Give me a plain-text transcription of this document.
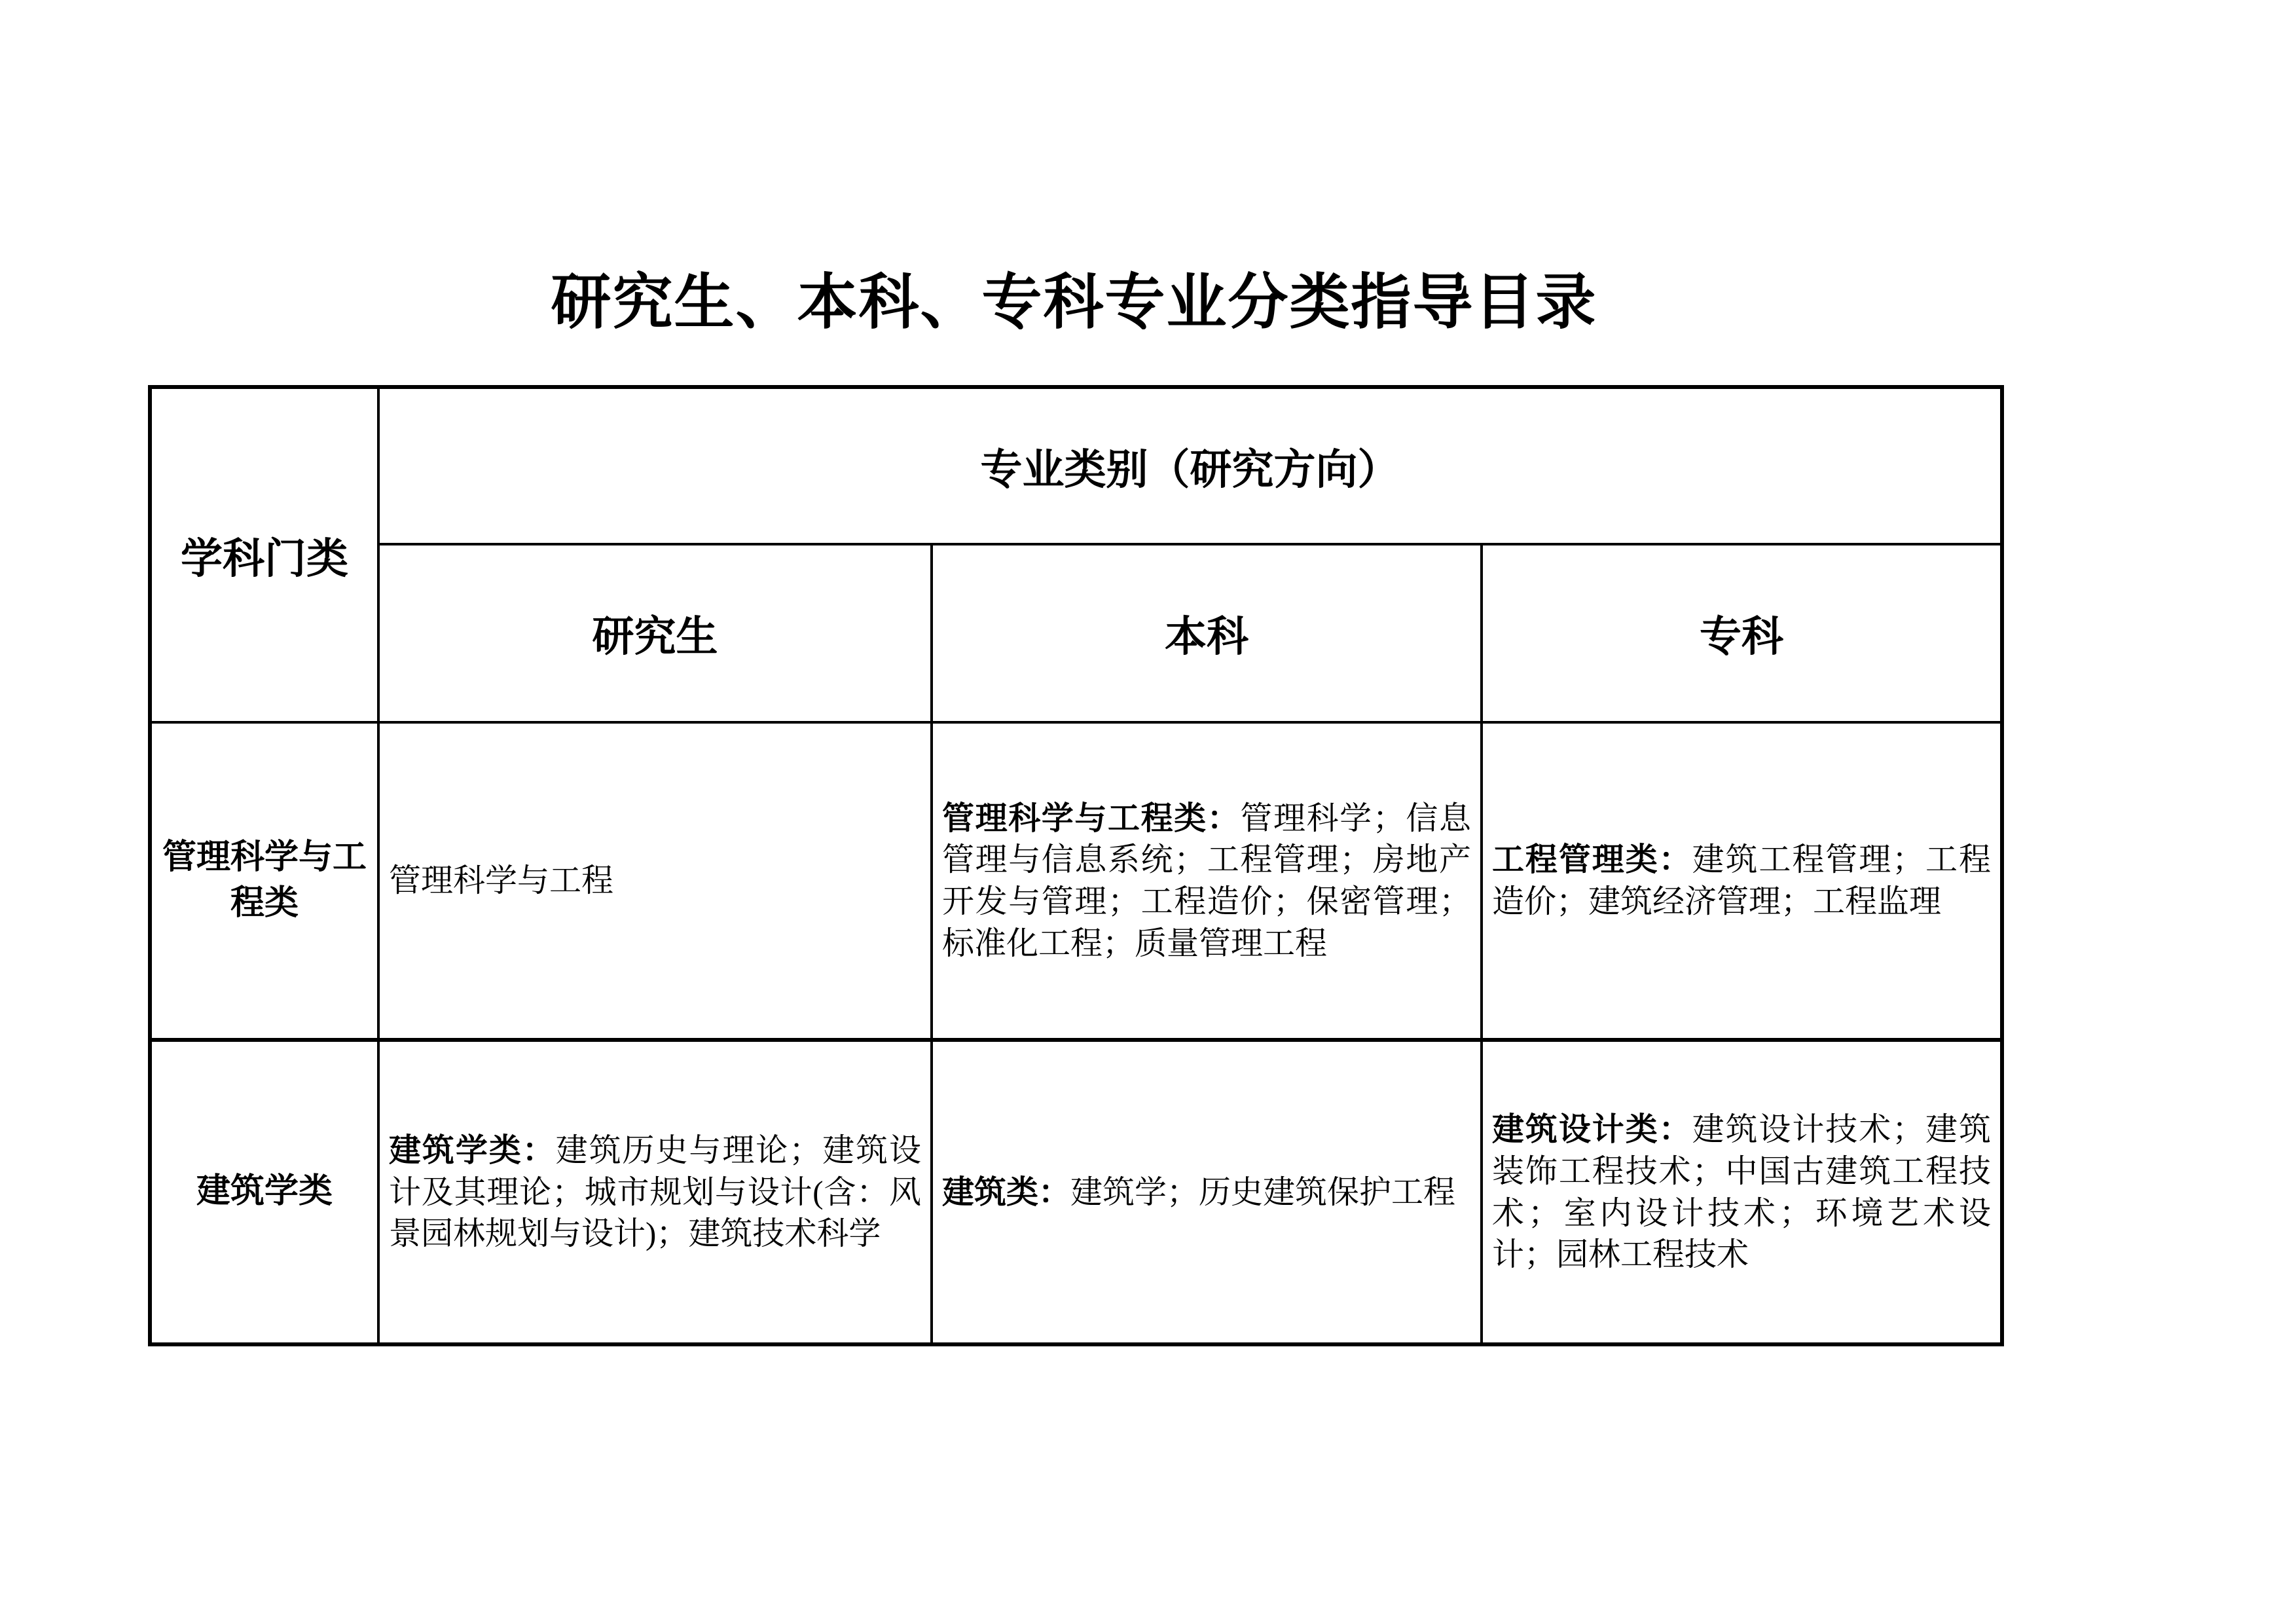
研究生、本科、专科专业分类指导目录
学科门类	专业类别（研究方向）		
	研究生	本科	专科
管理科学与工程类	管理科学与工程	管理科学与工程类：管理科学；信息管理与信息系统；工程管理；房地产开发与管理；工程造价；保密管理；标准化工程；质量管理工程	工程管理类：建筑工程管理；工程造价；建筑经济管理；工程监理
建筑学类	建筑学类：建筑历史与理论；建筑设计及其理论；城市规划与设计(含：风景园林规划与设计)；建筑技术科学	建筑类：建筑学；历史建筑保护工程	建筑设计类：建筑设计技术；建筑装饰工程技术；中国古建筑工程技术；室内设计技术；环境艺术设计；园林工程技术
